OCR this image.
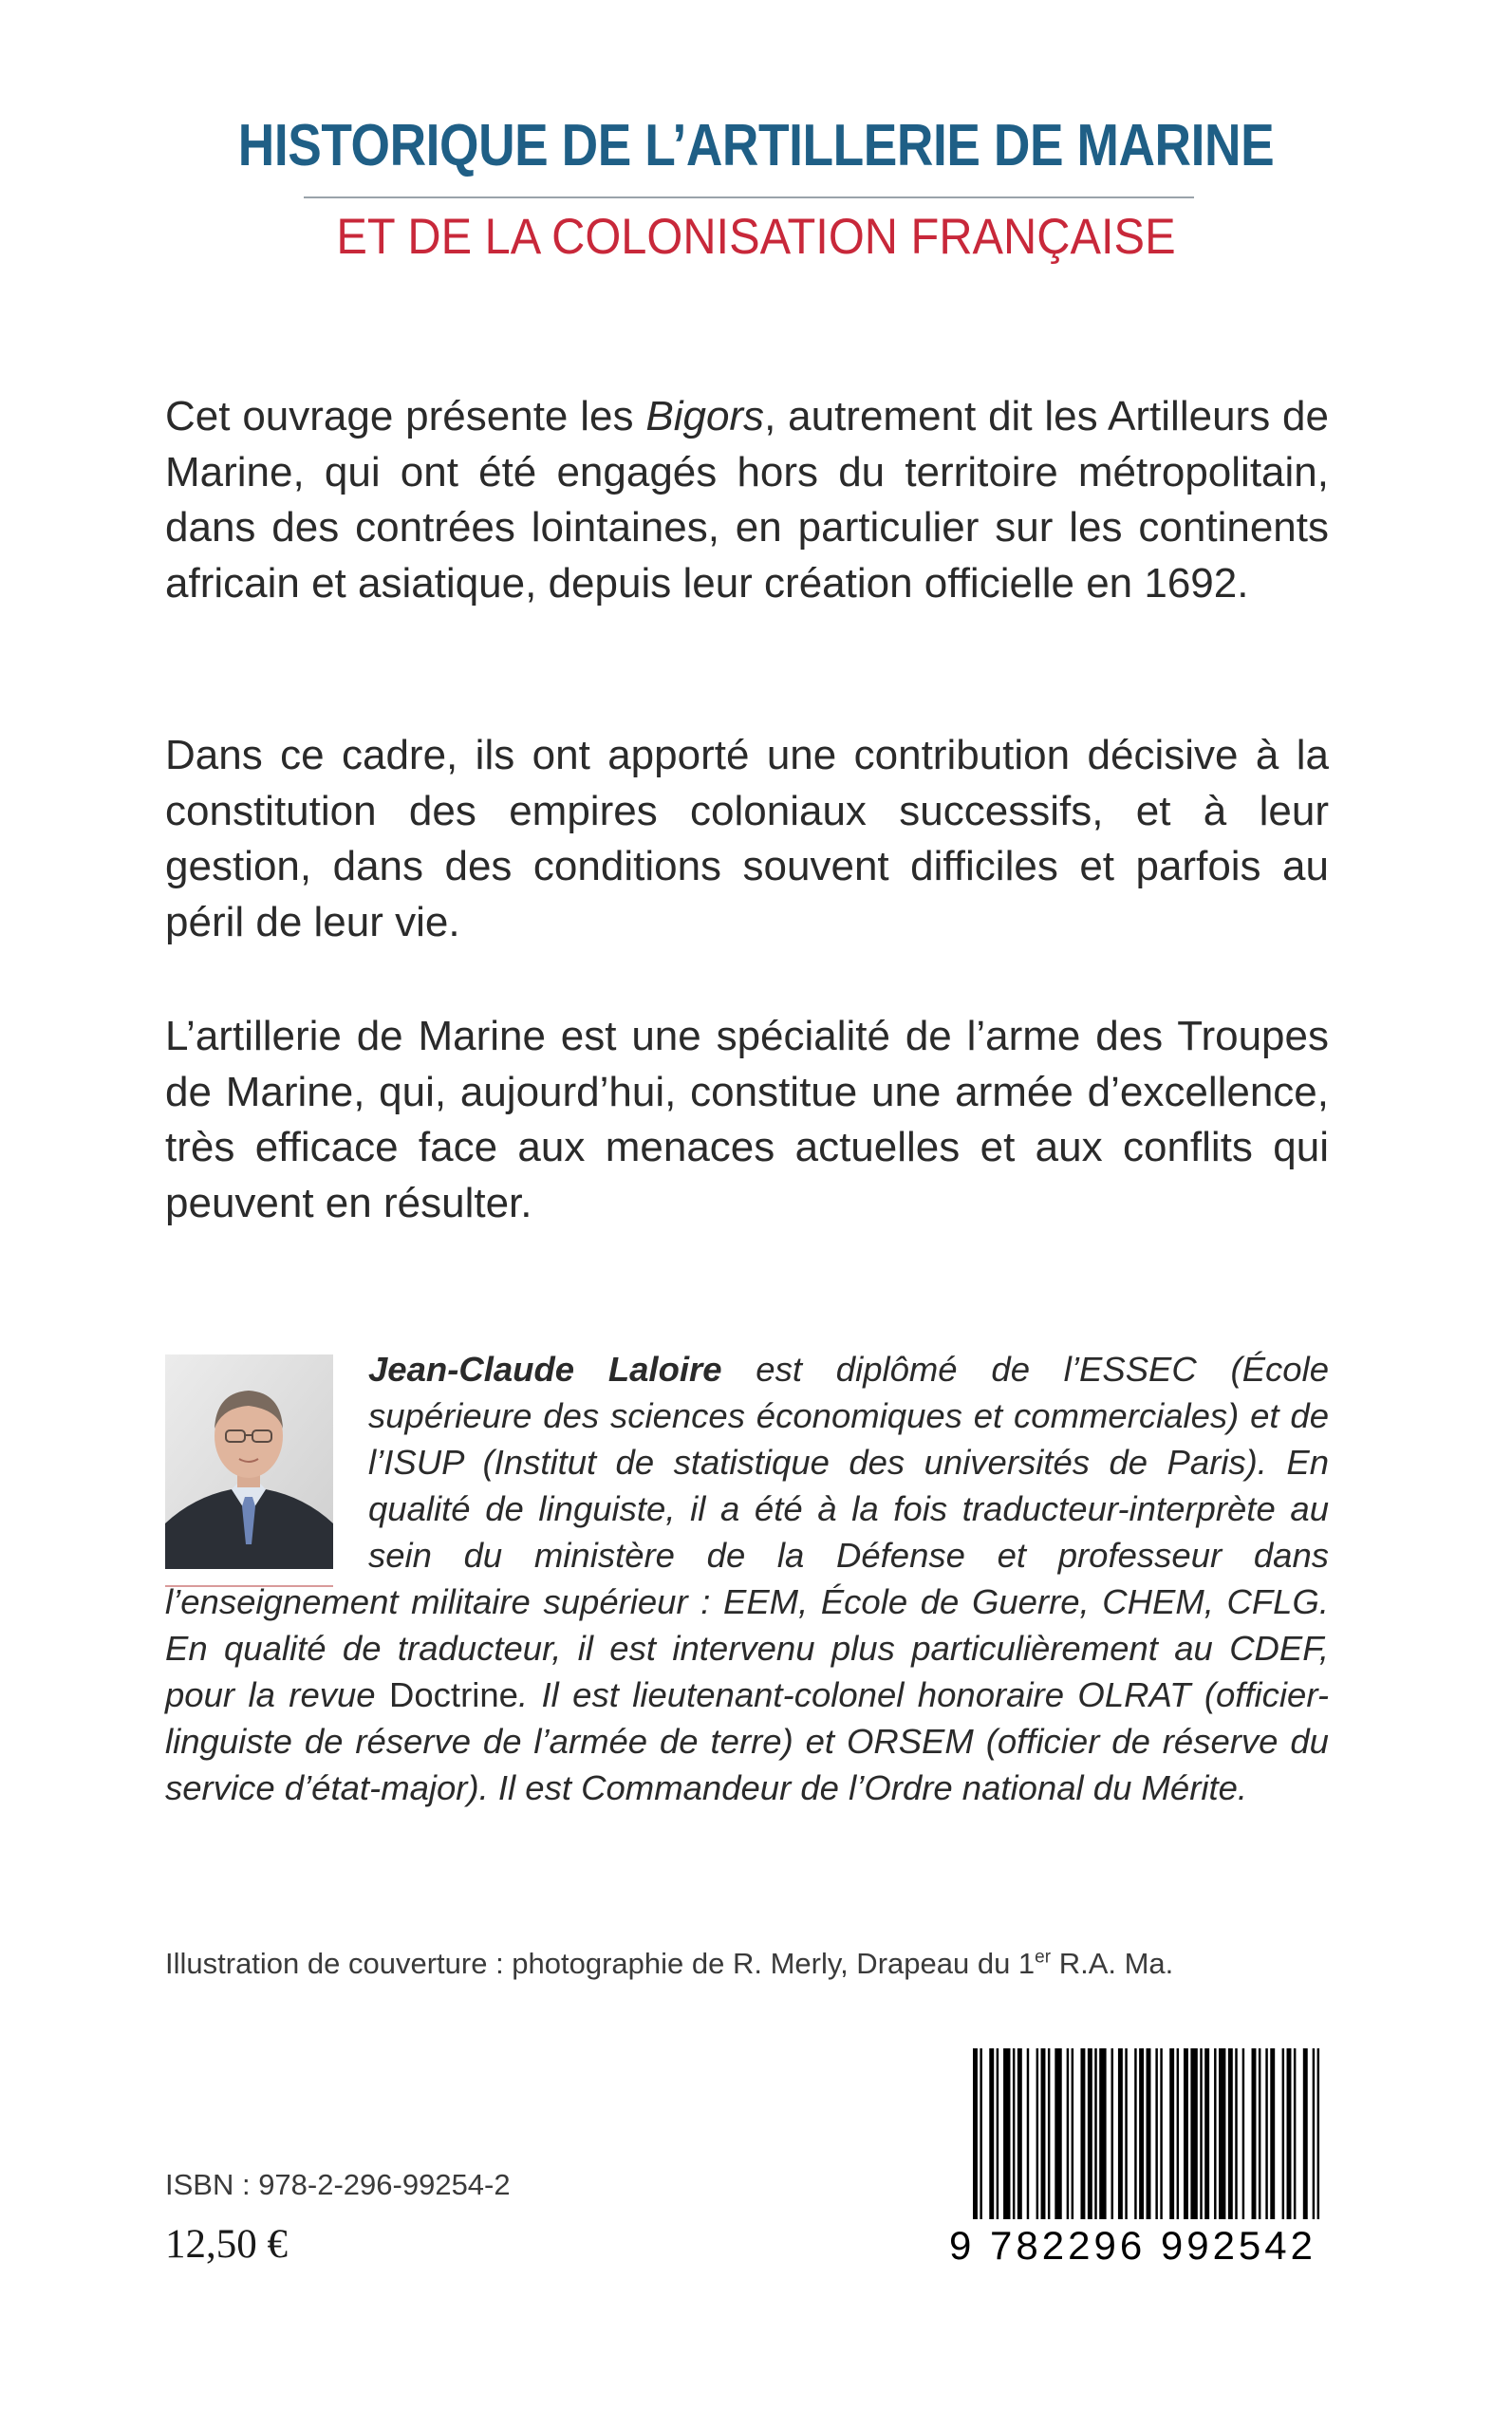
HISTORIQUE DE L’ARTILLERIE DE MARINE
ET DE LA COLONISATION FRANÇAISE

Cet ouvrage présente les Bigors, autrement dit les Artilleurs de Marine, qui ont été engagés hors du territoire métropolitain, dans des contrées lointaines, en particulier sur les continents africain et asiatique, depuis leur création officielle en 1692.

Dans ce cadre, ils ont apporté une contribution décisive à la constitution des empires coloniaux successifs, et à leur gestion, dans des conditions souvent difficiles et parfois au péril de leur vie.

L’artillerie de Marine est une spécialité de l’arme des Troupes de Marine, qui, aujourd’hui, constitue une armée d’excellence, très efficace face aux menaces actuelles et aux conflits qui peuvent en résulter.

Jean-Claude Laloire est diplômé de l’ESSEC (École supérieure des sciences économiques et commerciales) et de l’ISUP (Institut de statistique des universités de Paris). En qualité de linguiste, il a été à la fois traducteur-interprète au sein du ministère de la Défense et professeur dans l’enseignement militaire supérieur : EEM, École de Guerre, CHEM, CFLG. En qualité de traducteur, il est intervenu plus particulièrement au CDEF, pour la revue Doctrine. Il est lieutenant-colonel honoraire OLRAT (officier-linguiste de réserve de l’armée de terre) et ORSEM (officier de réserve du service d’état-major). Il est Commandeur de l’Ordre national du Mérite.

Illustration de couverture : photographie de R. Merly, Drapeau du 1er R.A. Ma.
ISBN : 978-2-296-99254-2
12,50 €	9 782296 992542
